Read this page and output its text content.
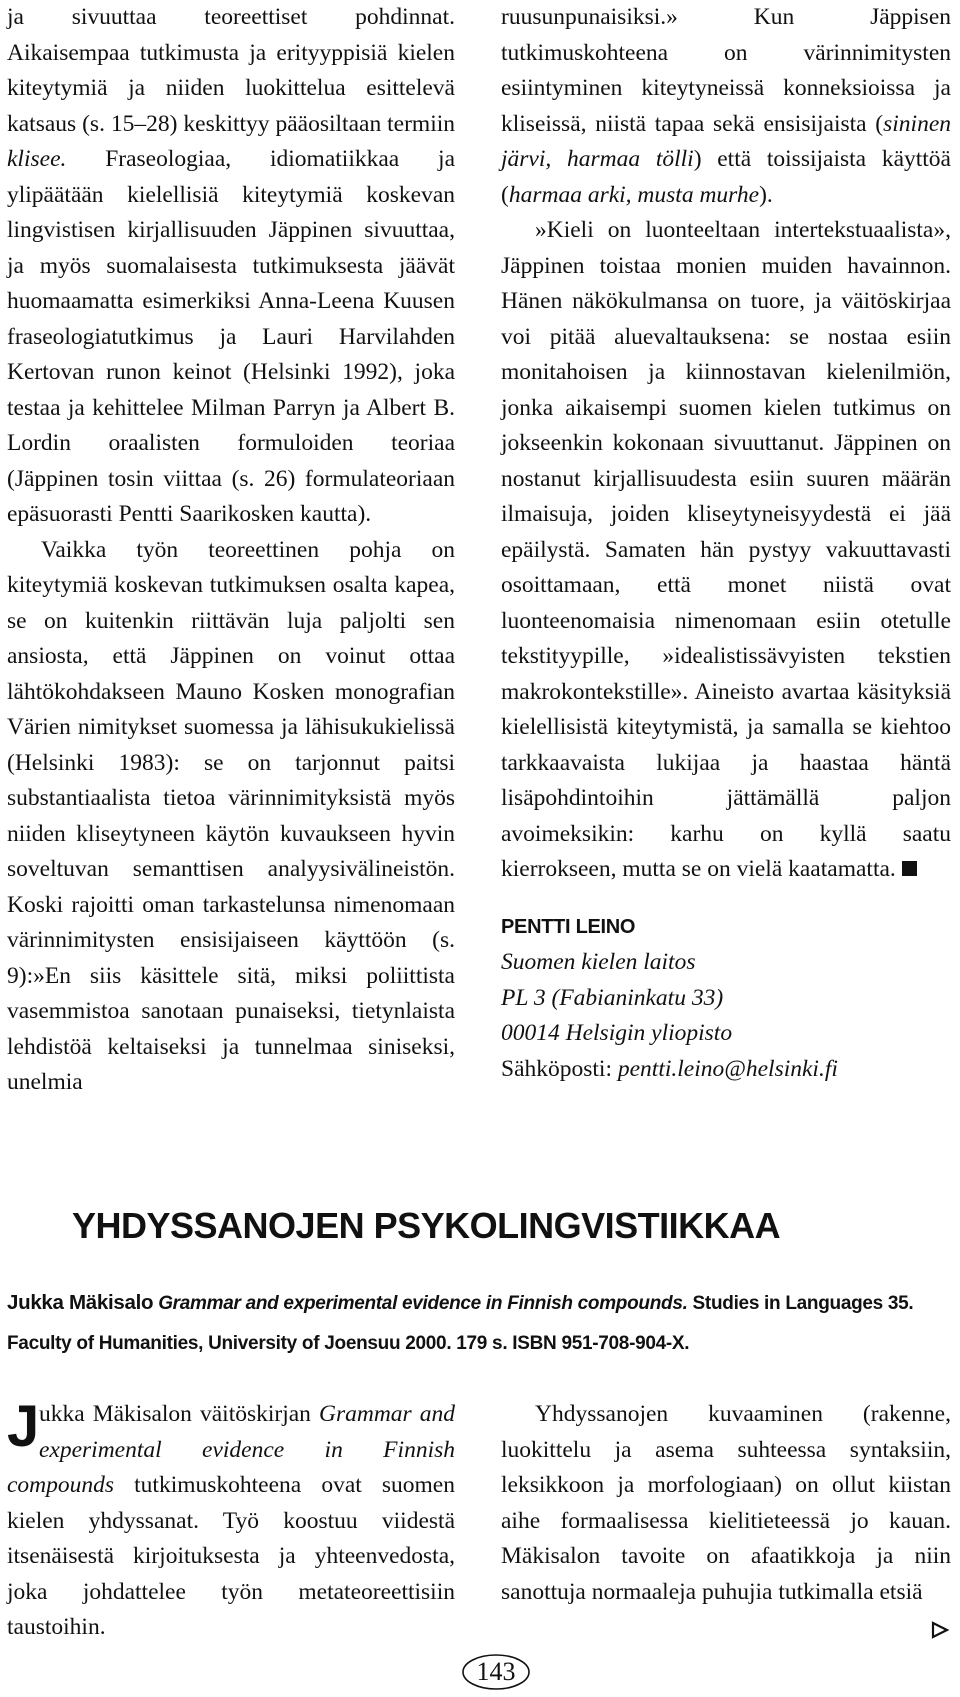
ja sivuuttaa teoreettiset pohdinnat. Aikaisempaa tutkimusta ja erityyppisiä kielen kiteytymiä ja niiden luokittelua esittelevä katsaus (s. 15–28) keskittyy pääosiltaan termiin klisee. Fraseologiaa, idiomatiikkaa ja ylipäätään kielellisiä kiteytymiä koskevan lingvistisen kirjallisuuden Jäppinen sivuuttaa, ja myös suomalaisesta tutkimuksesta jäävät huomaamatta esimerkiksi Anna-Leena Kuusen fraseologiatutkimus ja Lauri Harvilahden Kertovan runon keinot (Helsinki 1992), joka testaa ja kehittelee Milman Parryn ja Albert B. Lordin oraalisten formuloiden teoriaa (Jäppinen tosin viittaa (s. 26) formulateoriaan epäsuorasti Pentti Saarikosken kautta).

Vaikka työn teoreettinen pohja on kiteytymiä koskevan tutkimuksen osalta kapea, se on kuitenkin riittävän luja paljolti sen ansiosta, että Jäppinen on voinut ottaa lähtökohdakseen Mauno Kosken monografian Värien nimitykset suomessa ja lähisukukielissä (Helsinki 1983): se on tarjonnut paitsi substantiaalista tietoa värinnimityksistä myös niiden kliseytyneen käytön kuvaukseen hyvin soveltuvan semanttisen analyysivälineistön. Koski rajoitti oman tarkastelunsa nimenomaan värinnimitysten ensisijaiseen käyttöön (s. 9):»En siis käsittele sitä, miksi poliittista vasemmistoa sanotaan punaiseksi, tietynlaista lehdistöä keltaiseksi ja tunnelmaa siniseksi, unelmia

ruusunpunaisiksi.» Kun Jäppisen tutkimuskohteena on värinnimitysten esiintyminen kiteytyneissä konneksioissa ja kliseissä, niistä tapaa sekä ensisijaista (sininen järvi, harmaa tölli) että toissijaista käyttöä (harmaa arki, musta murhe).

»Kieli on luonteeltaan intertekstuaalista», Jäppinen toistaa monien muiden havainnon. Hänen näkökulmansa on tuore, ja väitöskirjaa voi pitää aluevaltauksena: se nostaa esiin monitahoisen ja kiinnostavan kielenilmiön, jonka aikaisempi suomen kielen tutkimus on jokseenkin kokonaan sivuuttanut. Jäppinen on nostanut kirjallisuudesta esiin suuren määrän ilmaisuja, joiden kliseytyneisyydestä ei jää epäilystä. Samaten hän pystyy vakuuttavasti osoittamaan, että monet niistä ovat luonteenomaisia nimenomaan esiin otetulle tekstityypille, »idealistissävyisten tekstien makrokontekstille». Aineisto avartaa käsityksiä kielellisistä kiteytymistä, ja samalla se kiehtoo tarkkaavaista lukijaa ja haastaa häntä lisäpohdintoihin jättämällä paljon avoimeksikin: karhu on kyllä saatu kierrokseen, mutta se on vielä kaatamatta.

PENTTI LEINO

Suomen kielen laitos

PL 3 (Fabianinkatu 33)

00014 Helsigin yliopisto

Sähköposti: pentti.leino@helsinki.fi

YHDYSSANOJEN PSYKOLINGVISTIIKKAA
Jukka Mäkisalo Grammar and experimental evidence in Finnish compounds. Studies in Languages 35. Faculty of Humanities, University of Joensuu 2000. 179 s. ISBN 951-708-904-X.

Jukka Mäkisalon väitöskirjan Grammar and experimental evidence in Finnish compounds tutkimuskohteena ovat suomen kielen yhdyssanat. Työ koostuu viidestä itsenäisestä kirjoituksesta ja yhteenvedosta, joka johdattelee työn metateoreettisiin taustoihin.

Yhdyssanojen kuvaaminen (rakenne, luokittelu ja asema suhteessa syntaksiin, leksikkoon ja morfologiaan) on ollut kiistan aihe formaalisessa kielitieteessä jo kauan. Mäkisalon tavoite on afaatikkoja ja niin sanottuja normaaleja puhujia tutkimalla etsiä

143
